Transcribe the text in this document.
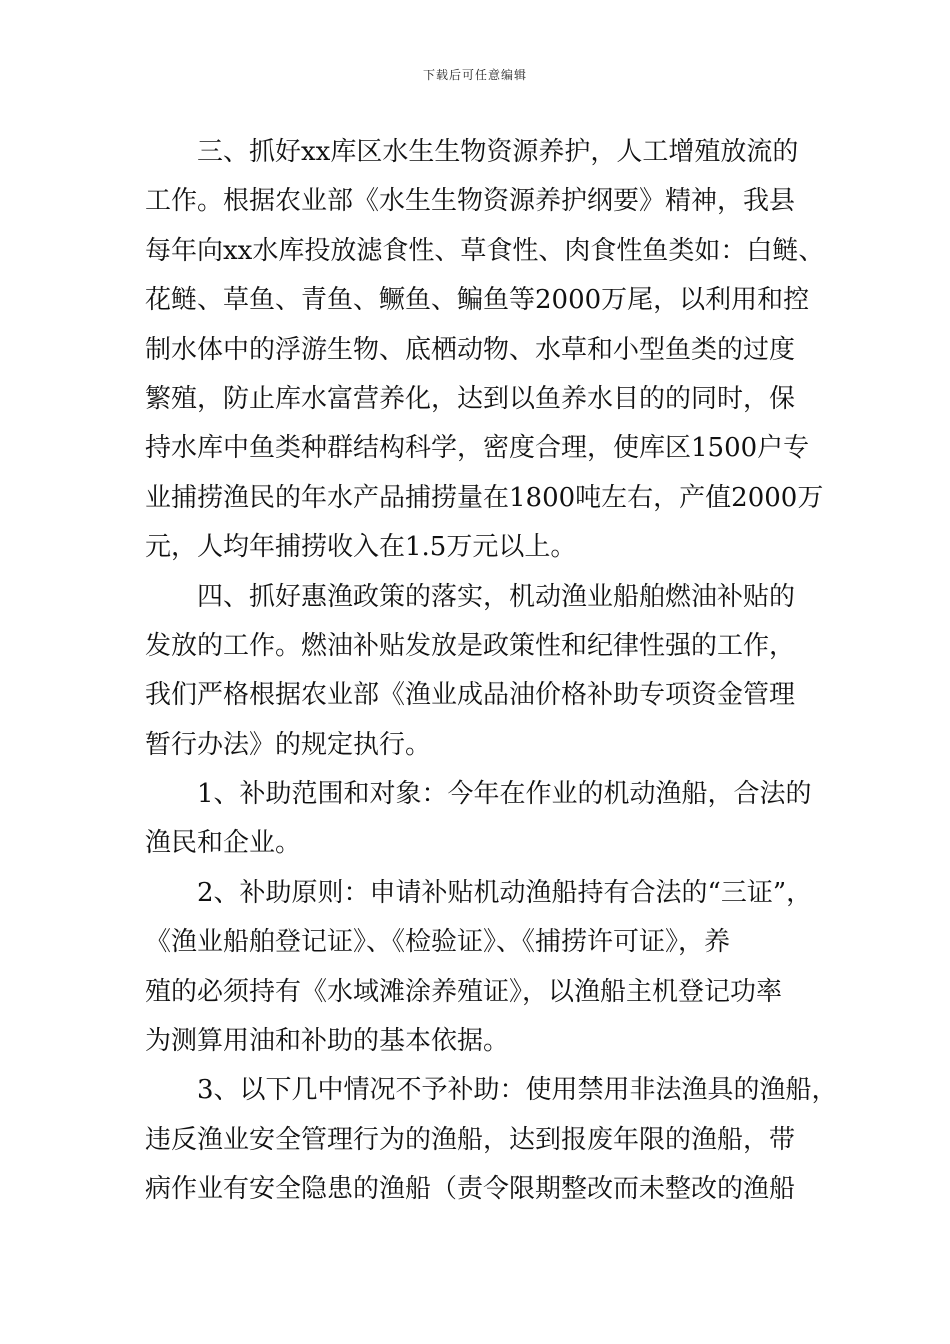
下载后可任意编辑
三、抓好xx库区水生生物资源养护，人工增殖放流的
工作。根据农业部《水生生物资源养护纲要》精神，我县
每年向xx水库投放滤食性、草食性、肉食性鱼类如：白鲢、
花鲢、草鱼、青鱼、鳜鱼、鳊鱼等2000万尾，以利用和控
制水体中的浮游生物、底栖动物、水草和小型鱼类的过度
繁殖，防止库水富营养化，达到以鱼养水目的的同时，保
持水库中鱼类种群结构科学，密度合理，使库区1500户专
业捕捞渔民的年水产品捕捞量在1800吨左右，产值2000万
元，人均年捕捞收入在1.5万元以上。
四、抓好惠渔政策的落实，机动渔业船舶燃油补贴的
发放的工作。燃油补贴发放是政策性和纪律性强的工作，
我们严格根据农业部《渔业成品油价格补助专项资金管理
暂行办法》的规定执行。
1、补助范围和对象：今年在作业的机动渔船，合法的
渔民和企业。
2、补助原则：申请补贴机动渔船持有合法的“三证”，
《渔业船舶登记证》、《检验证》、《捕捞许可证》，养
殖的必须持有《水域滩涂养殖证》，以渔船主机登记功率
为测算用油和补助的基本依据。
3、以下几中情况不予补助：使用禁用非法渔具的渔船，
违反渔业安全管理行为的渔船，达到报废年限的渔船，带
病作业有安全隐患的渔船（责令限期整改而未整改的渔船
